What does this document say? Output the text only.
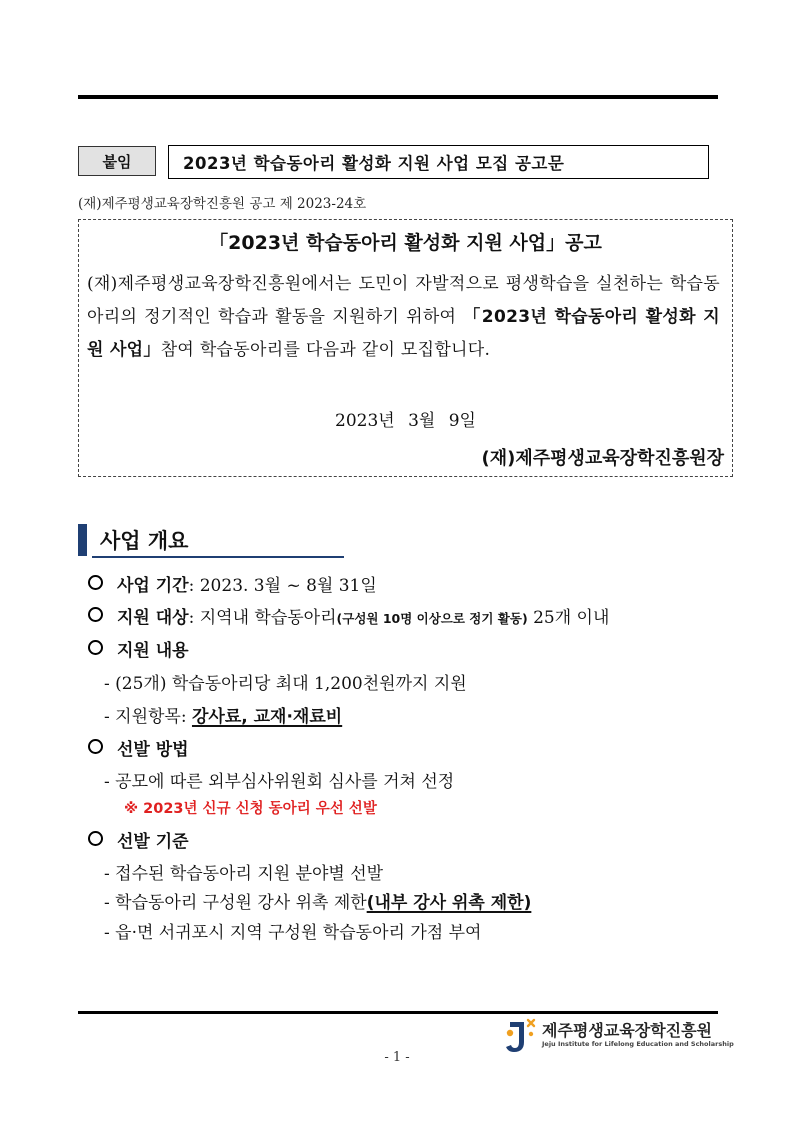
붙임	2023년 학습동아리 활성화 지원 사업 모집 공고문
(재)제주평생교육장학진흥원 공고 제 2023-24호
「2023년 학습동아리 활성화 지원 사업」공고
(재)제주평생교육장학진흥원에서는 도민이 자발적으로 평생학습을 실천하는 학습동아리의 정기적인 학습과 활동을 지원하기 위하여 「2023년 학습동아리 활성화 지원 사업」참여 학습동아리를 다음과 같이 모집합니다.
2023년 3월 9일
(재)제주평생교육장학진흥원장
사업 개요
사업 기간: 2023. 3월 ~ 8월 31일
지원 대상: 지역내 학습동아리(구성원 10명 이상으로 정기 활동) 25개 이내
지원 내용
- (25개) 학습동아리당 최대 1,200천원까지 지원
- 지원항목: 강사료, 교재·재료비
선발 방법
- 공모에 따른 외부심사위원회 심사를 거쳐 선정
※ 2023년 신규 신청 동아리 우선 선발
선발 기준
- 접수된 학습동아리 지원 분야별 선발
- 학습동아리 구성원 강사 위촉 제한(내부 강사 위촉 제한)
- 읍·면 서귀포시 지역 구성원 학습동아리 가점 부여
제주평생교육장학진흥원
Jeju Institute for Lifelong Education and Scholarship
- 1 -
